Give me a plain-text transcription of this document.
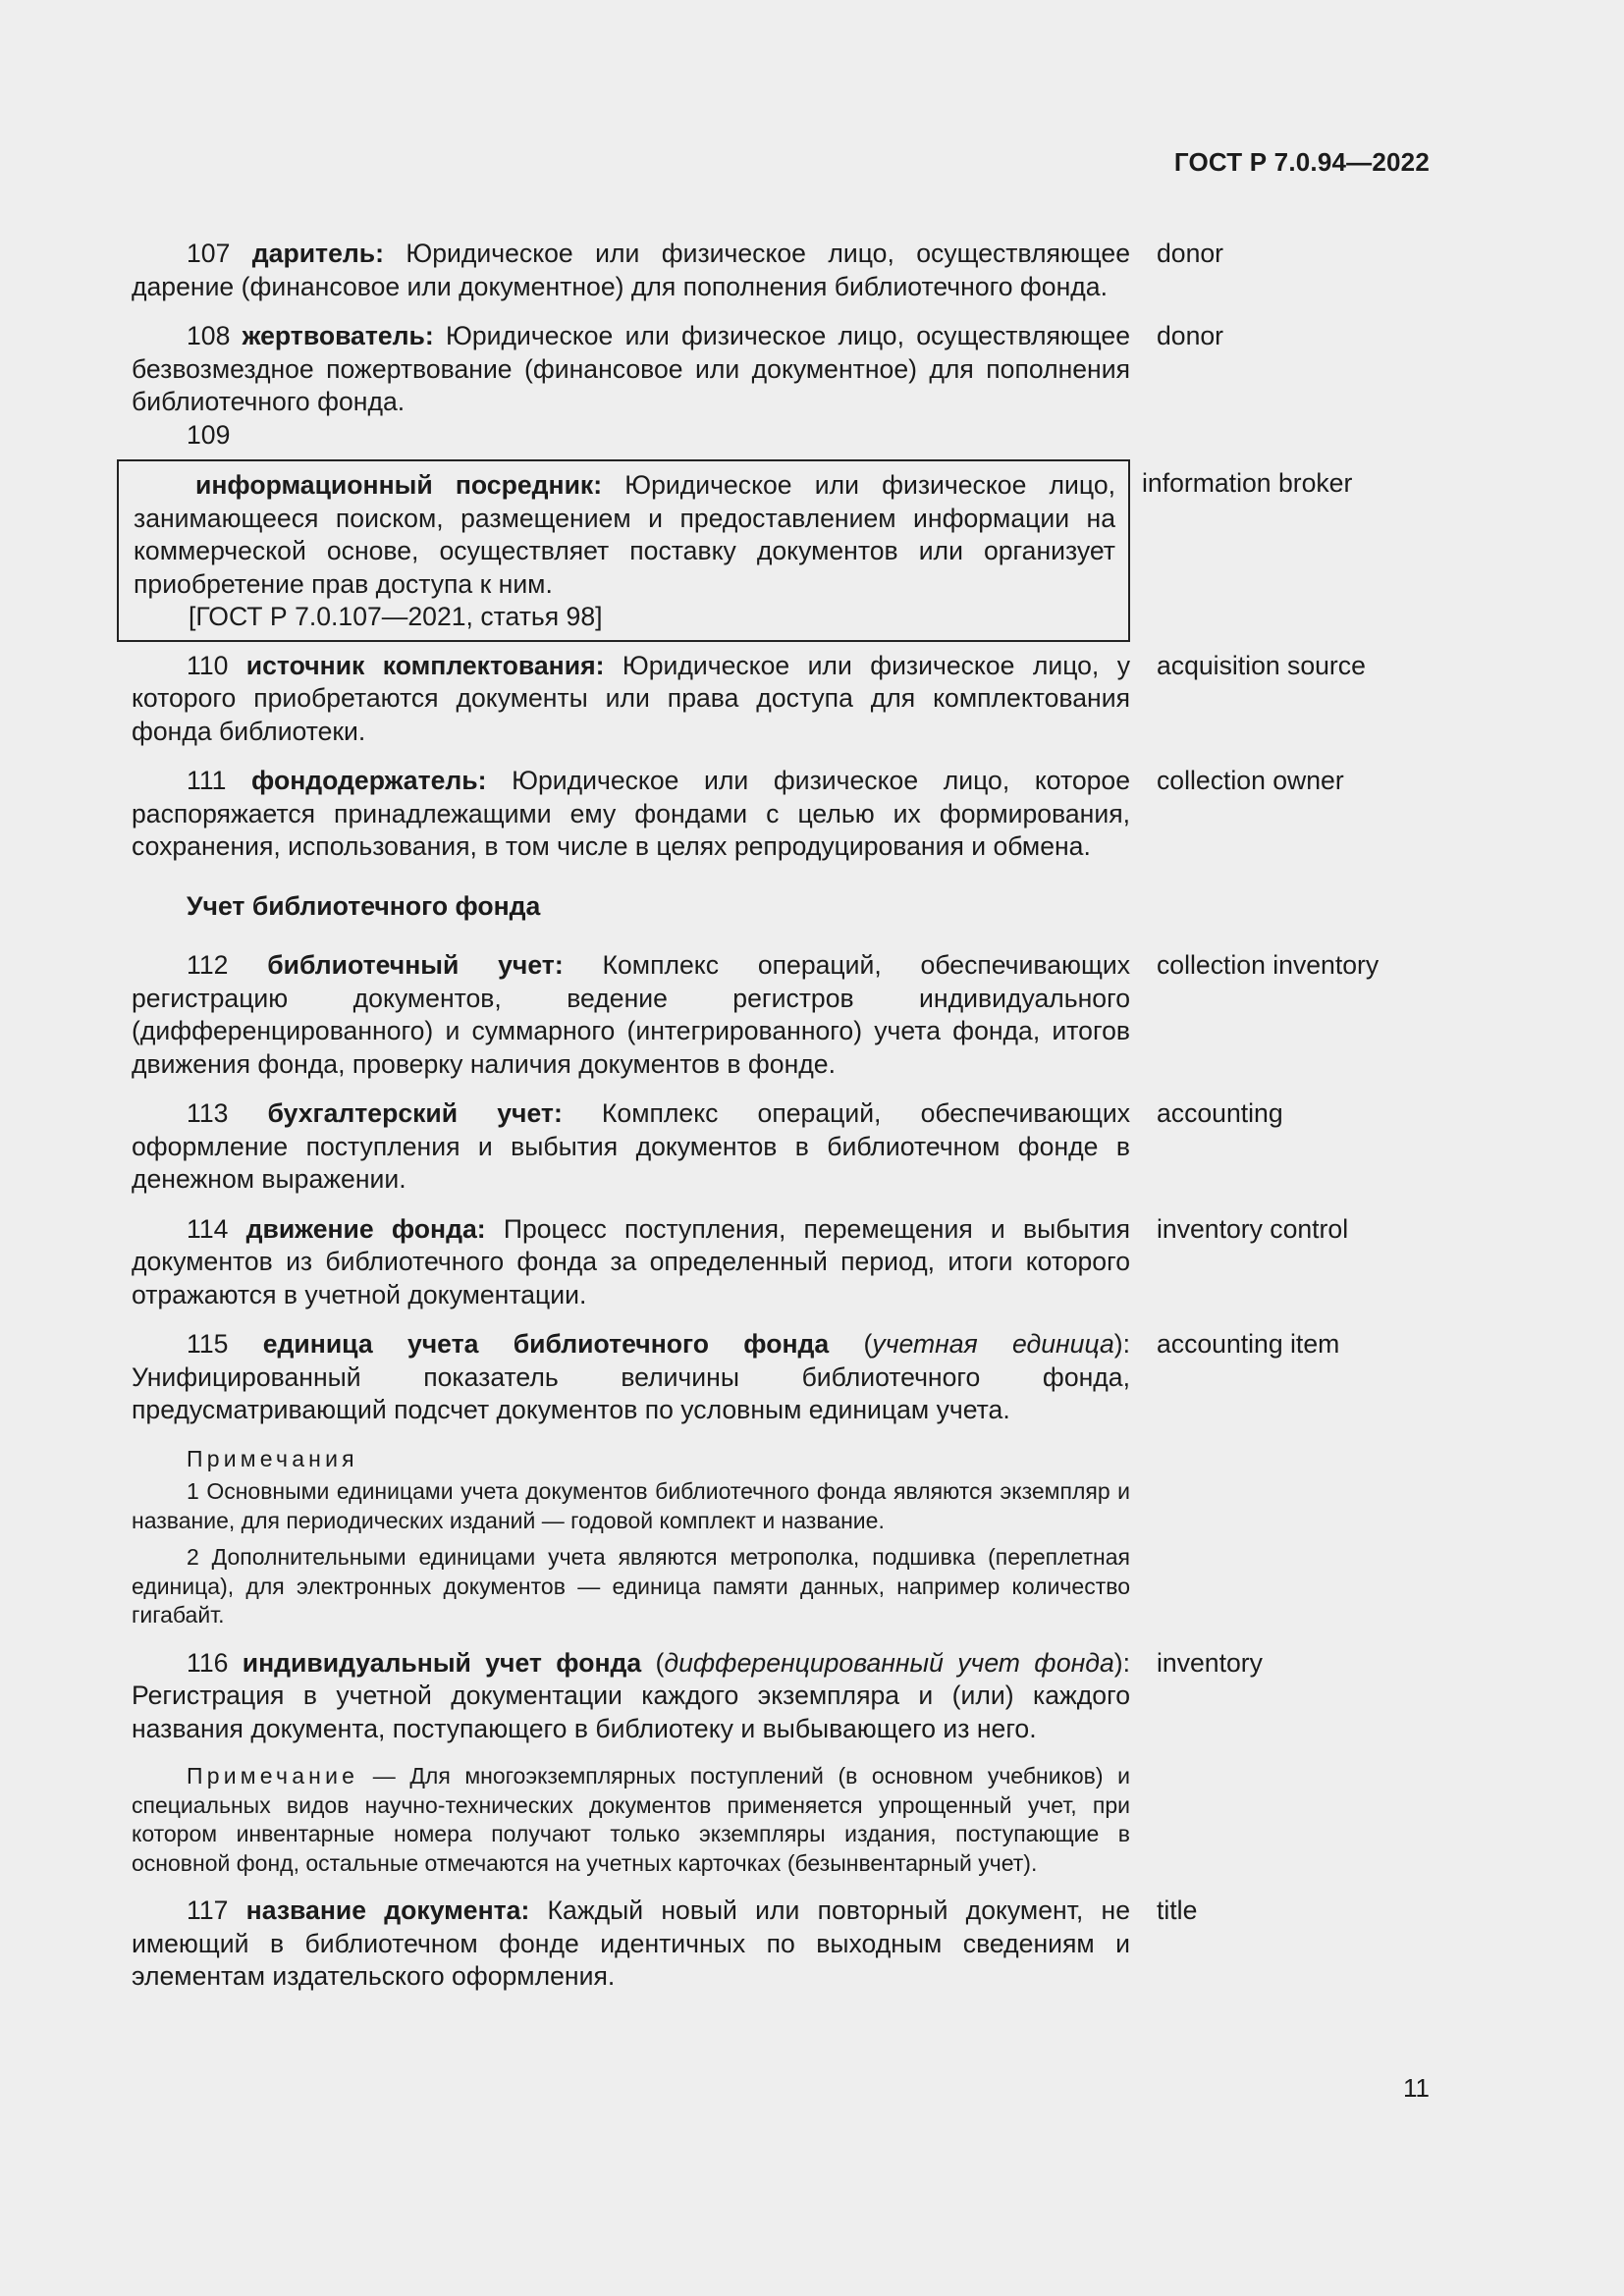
ГОСТ Р 7.0.94—2022
107 даритель: Юридическое или физическое лицо, осуществляющее дарение (финансовое или документное) для пополнения библиотечного фонда.
donor
108 жертвователь: Юридическое или физическое лицо, осуществляющее безвозмездное пожертвование (финансовое или документное) для пополнения библиотечного фонда.
donor
109
информационный посредник: Юридическое или физическое лицо, занимающееся поиском, размещением и предоставлением информации на коммерческой основе, осуществляет поставку документов или организует приобретение прав доступа к ним.
[ГОСТ Р 7.0.107—2021, статья 98]
information broker
110 источник комплектования: Юридическое или физическое лицо, у которого приобретаются документы или права доступа для комплектования фонда библиотеки.
acquisition source
111 фондодержатель: Юридическое или физическое лицо, которое распоряжается принадлежащими ему фондами с целью их формирования, сохранения, использования, в том числе в целях репродуцирования и обмена.
collection owner
Учет библиотечного фонда
112 библиотечный учет: Комплекс операций, обеспечивающих регистрацию документов, ведение регистров индивидуального (дифференцированного) и суммарного (интегрированного) учета фонда, итогов движения фонда, проверку наличия документов в фонде.
collection inventory
113 бухгалтерский учет: Комплекс операций, обеспечивающих оформление поступления и выбытия документов в библиотечном фонде в денежном выражении.
accounting
114 движение фонда: Процесс поступления, перемещения и выбытия документов из библиотечного фонда за определенный период, итоги которого отражаются в учетной документации.
inventory control
115 единица учета библиотечного фонда (учетная единица): Унифицированный показатель величины библиотечного фонда, предусматривающий подсчет документов по условным единицам учета.
accounting item
Примечания
1 Основными единицами учета документов библиотечного фонда являются экземпляр и название, для периодических изданий — годовой комплект и название.
2 Дополнительными единицами учета являются метрополка, подшивка (переплетная единица), для электронных документов — единица памяти данных, например количество гигабайт.
116 индивидуальный учет фонда (дифференцированный учет фонда): Регистрация в учетной документации каждого экземпляра и (или) каждого названия документа, поступающего в библиотеку и выбывающего из него.
inventory
Примечание — Для многоэкземплярных поступлений (в основном учебников) и специальных видов научно-технических документов применяется упрощенный учет, при котором инвентарные номера получают только экземпляры издания, поступающие в основной фонд, остальные отмечаются на учетных карточках (безынвентарный учет).
117 название документа: Каждый новый или повторный документ, не имеющий в библиотечном фонде идентичных по выходным сведениям и элементам издательского оформления.
title
11
